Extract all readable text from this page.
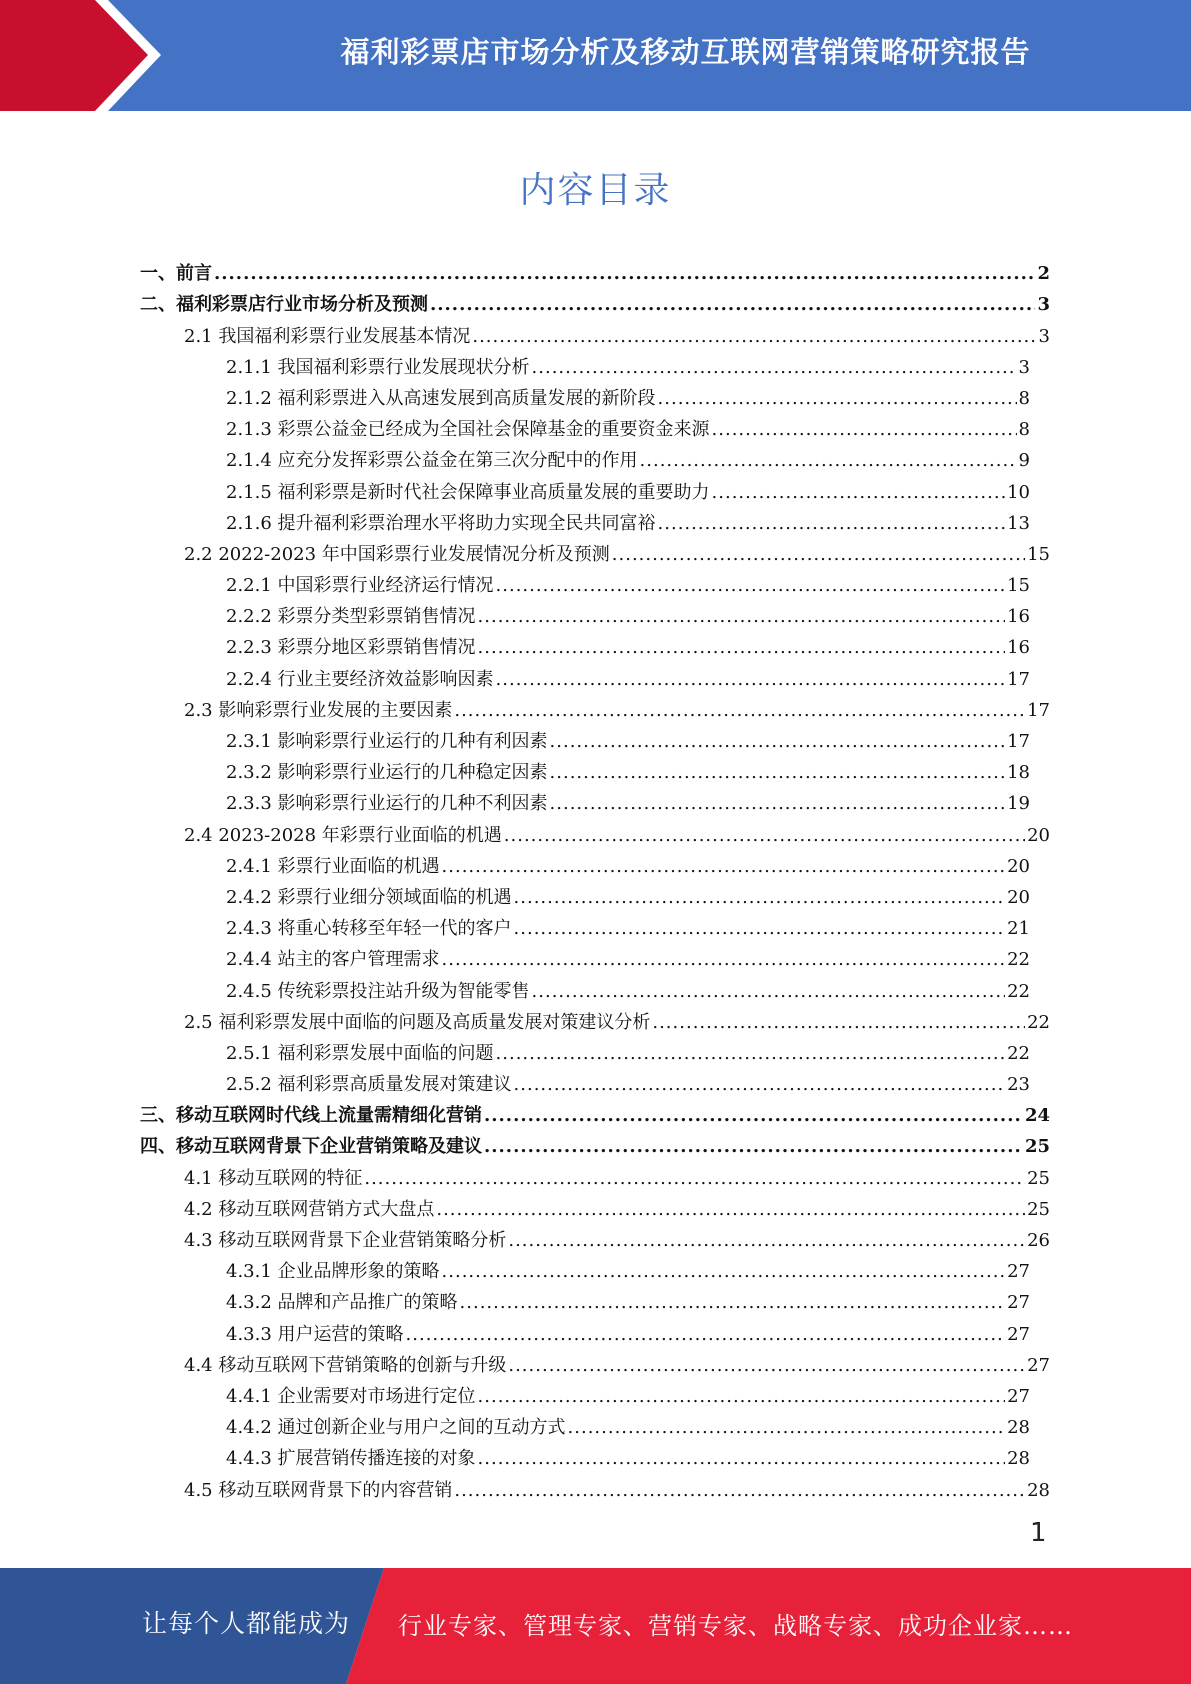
福利彩票店市场分析及移动互联网营销策略研究报告
内容目录
一、前言 .....	2
二、福利彩票店行业市场分析及预测 .....	3
2.1 我国福利彩票行业发展基本情况 .....	3
2.1.1 我国福利彩票行业发展现状分析 .....	3
2.1.2 福利彩票进入从高速发展到高质量发展的新阶段 .....	8
2.1.3 彩票公益金已经成为全国社会保障基金的重要资金来源 .....	8
2.1.4 应充分发挥彩票公益金在第三次分配中的作用 .....	9
2.1.5 福利彩票是新时代社会保障事业高质量发展的重要助力 .....	10
2.1.6 提升福利彩票治理水平将助力实现全民共同富裕 .....	13
2.2 2022-2023 年中国彩票行业发展情况分析及预测 .....	15
2.2.1 中国彩票行业经济运行情况 .....	15
2.2.2 彩票分类型彩票销售情况 .....	16
2.2.3 彩票分地区彩票销售情况 .....	16
2.2.4 行业主要经济效益影响因素 .....	17
2.3 影响彩票行业发展的主要因素 .....	17
2.3.1 影响彩票行业运行的几种有利因素 .....	17
2.3.2 影响彩票行业运行的几种稳定因素 .....	18
2.3.3 影响彩票行业运行的几种不利因素 .....	19
2.4 2023-2028 年彩票行业面临的机遇 .....	20
2.4.1 彩票行业面临的机遇 .....	20
2.4.2 彩票行业细分领域面临的机遇 .....	20
2.4.3 将重心转移至年轻一代的客户 .....	21
2.4.4 站主的客户管理需求 .....	22
2.4.5 传统彩票投注站升级为智能零售 .....	22
2.5 福利彩票发展中面临的问题及高质量发展对策建议分析 .....	22
2.5.1 福利彩票发展中面临的问题 .....	22
2.5.2 福利彩票高质量发展对策建议 .....	23
三、移动互联网时代线上流量需精细化营销 .....	24
四、移动互联网背景下企业营销策略及建议 .....	25
4.1 移动互联网的特征 .....	25
4.2 移动互联网营销方式大盘点 .....	25
4.3 移动互联网背景下企业营销策略分析 .....	26
4.3.1 企业品牌形象的策略 .....	27
4.3.2 品牌和产品推广的策略 .....	27
4.3.3 用户运营的策略 .....	27
4.4 移动互联网下营销策略的创新与升级 .....	27
4.4.1 企业需要对市场进行定位 .....	27
4.4.2 通过创新企业与用户之间的互动方式 .....	28
4.4.3 扩展营销传播连接的对象 .....	28
4.5 移动互联网背景下的内容营销 .....	28
1
让每个人都能成为 行业专家、管理专家、营销专家、战略专家、成功企业家……
